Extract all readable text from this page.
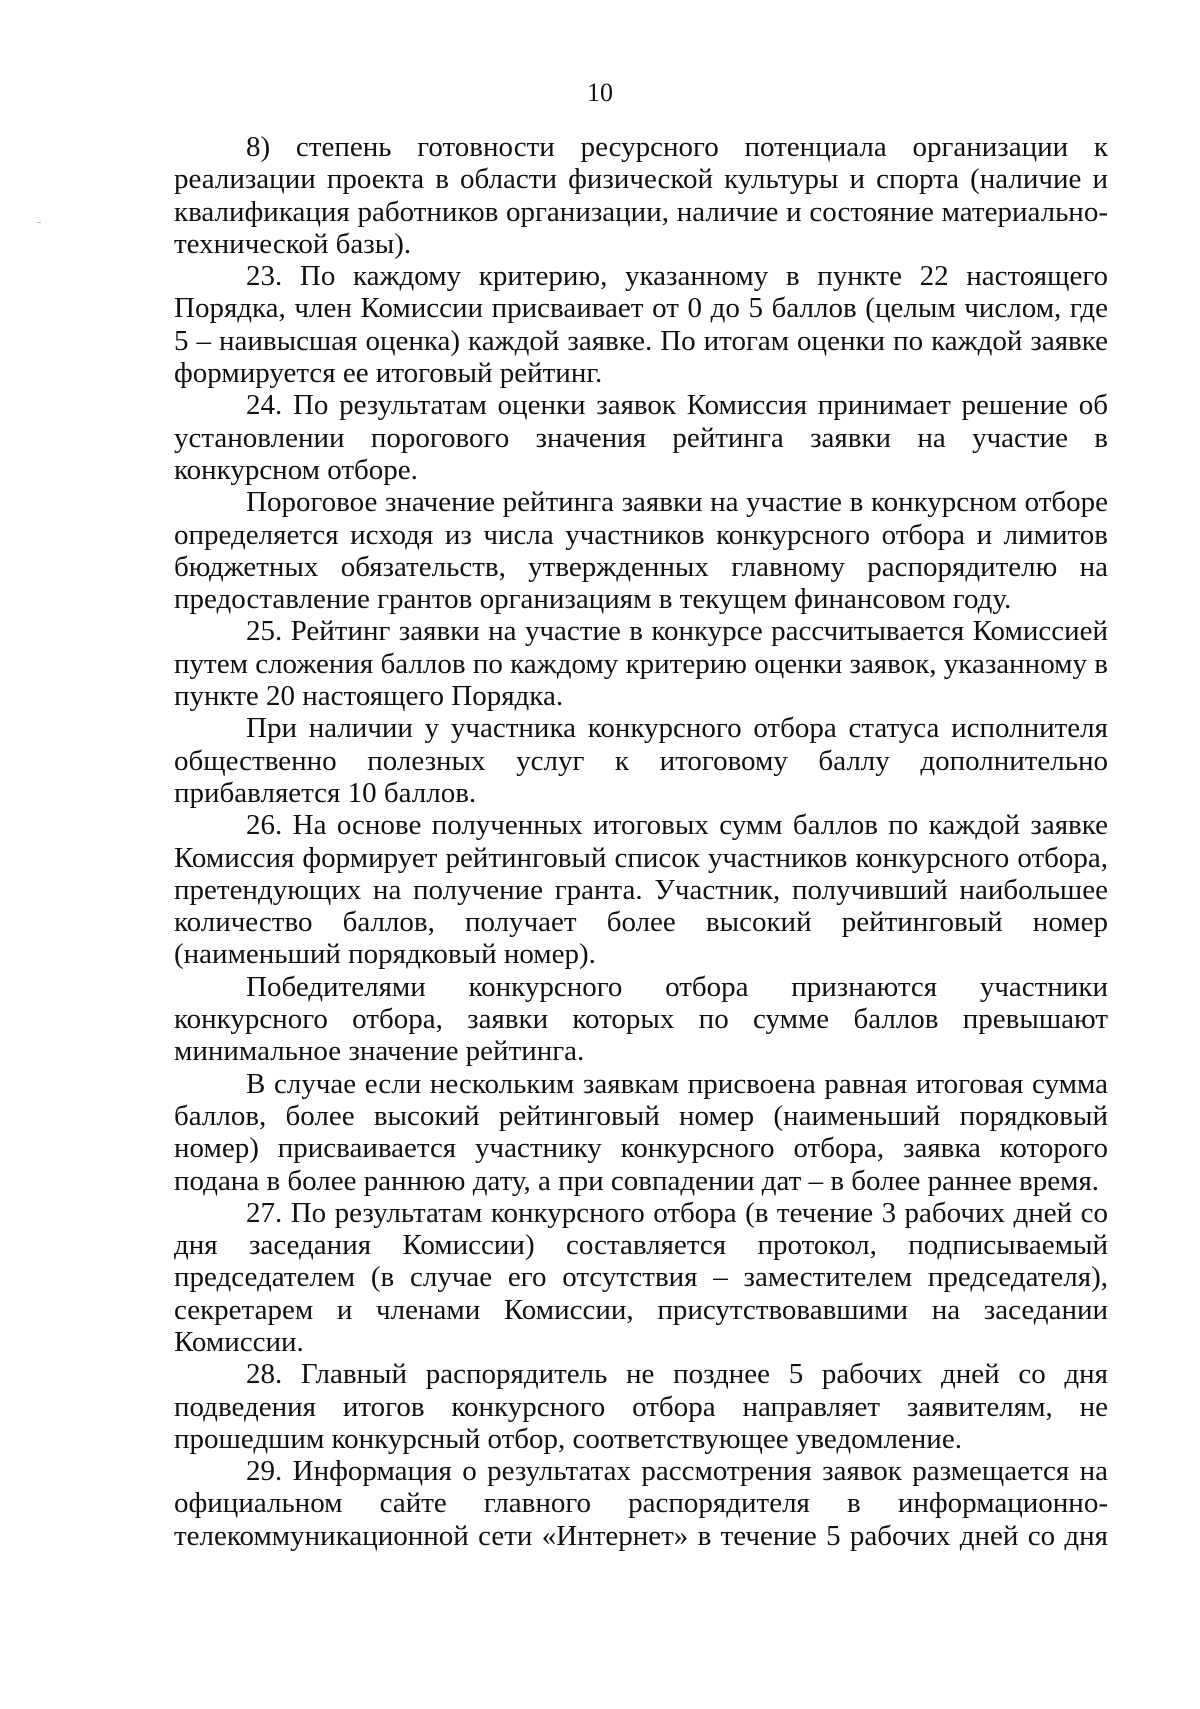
10

8) степень готовности ресурсного потенциала организации к реализации проекта в области физической культуры и спорта (наличие и квалификация работников организации, наличие и состояние материально-технической базы).

23. По каждому критерию, указанному в пункте 22 настоящего Порядка, член Комиссии присваивает от 0 до 5 баллов (целым числом, где 5 – наивысшая оценка) каждой заявке. По итогам оценки по каждой заявке формируется ее итоговый рейтинг.

24. По результатам оценки заявок Комиссия принимает решение об установлении порогового значения рейтинга заявки на участие в конкурсном отборе.

Пороговое значение рейтинга заявки на участие в конкурсном отборе определяется исходя из числа участников конкурсного отбора и лимитов бюджетных обязательств, утвержденных главному распорядителю на предоставление грантов организациям в текущем финансовом году.

25. Рейтинг заявки на участие в конкурсе рассчитывается Комиссией путем сложения баллов по каждому критерию оценки заявок, указанному в пункте 20 настоящего Порядка.

При наличии у участника конкурсного отбора статуса исполнителя общественно полезных услуг к итоговому баллу дополнительно прибавляется 10 баллов.

26. На основе полученных итоговых сумм баллов по каждой заявке Комиссия формирует рейтинговый список участников конкурсного отбора, претендующих на получение гранта. Участник, получивший наибольшее количество баллов, получает более высокий рейтинговый номер (наименьший порядковый номер).

Победителями конкурсного отбора признаются участники конкурсного отбора, заявки которых по сумме баллов превышают минимальное значение рейтинга.

В случае если нескольким заявкам присвоена равная итоговая сумма баллов, более высокий рейтинговый номер (наименьший порядковый номер) присваивается участнику конкурсного отбора, заявка которого подана в более раннюю дату, а при совпадении дат – в более раннее время.

27. По результатам конкурсного отбора (в течение 3 рабочих дней со дня заседания Комиссии) составляется протокол, подписываемый председателем (в случае его отсутствия – заместителем председателя), секретарем и членами Комиссии, присутствовавшими на заседании Комиссии.

28. Главный распорядитель не позднее 5 рабочих дней со дня подведения итогов конкурсного отбора направляет заявителям, не прошедшим конкурсный отбор, соответствующее уведомление.

29. Информация о результатах рассмотрения заявок размещается на официальном сайте главного распорядителя в информационно-телекоммуникационной сети «Интернет» в течение 5 рабочих дней со дня
